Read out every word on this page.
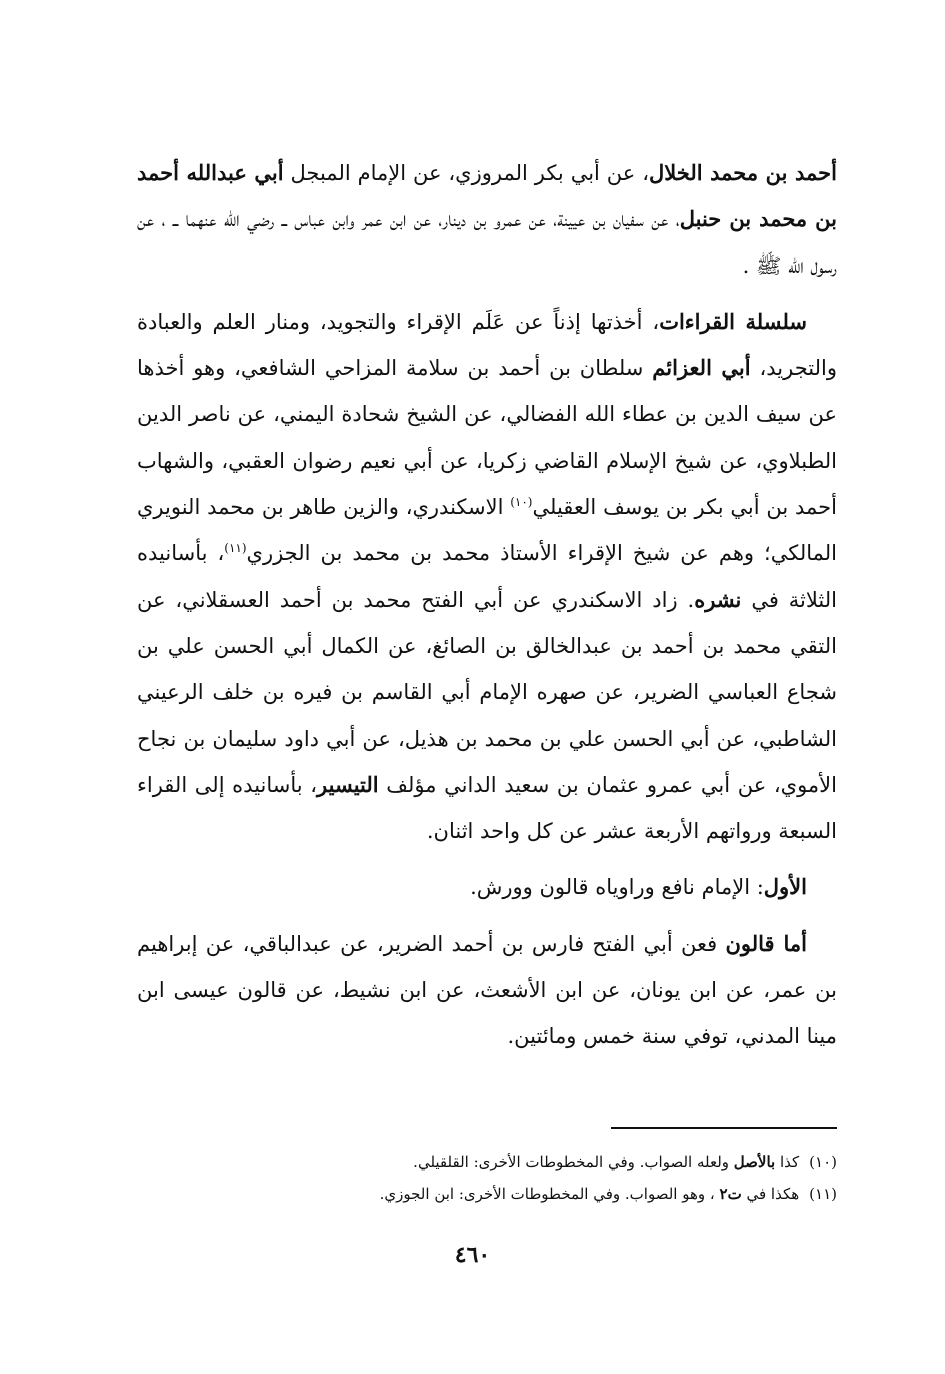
أحمد بن محمد الخلال، عن أبي بكر المروزي، عن الإمام المبجل أبي عبدالله أحمد بن محمد بن حنبل، عن سفيان بن عيينة، عن عمرو بن دينار، عن ابن عمر وابن عباس ــ رضي الله عنهما ــ ، عن رسول الله ﷺ .

سلسلة القراءات، أخذتها إذناً عن عَلَم الإقراء والتجويد، ومنار العلم والعبادة والتجريد، أبي العزائم سلطان بن أحمد بن سلامة المزاحي الشافعي، وهو أخذها عن سيف الدين بن عطاء الله الفضالي، عن الشيخ شحادة اليمني، عن ناصر الدين الطبلاوي، عن شيخ الإسلام القاضي زكريا، عن أبي نعيم رضوان العقبي، والشهاب أحمد بن أبي بكر بن يوسف العقيلي$^{(١٠)}$ الاسكندري، والزين طاهر بن محمد النويري المالكي؛ وهم عن شيخ الإقراء الأستاذ محمد بن محمد بن الجزري$^{(١١)}$، بأسانيده الثلاثة في نشره. زاد الاسكندري عن أبي الفتح محمد بن أحمد العسقلاني، عن التقي محمد بن أحمد بن عبدالخالق بن الصائغ، عن الكمال أبي الحسن علي بن شجاع العباسي الضرير، عن صهره الإمام أبي القاسم بن فيره بن خلف الرعيني الشاطبي، عن أبي الحسن علي بن محمد بن هذيل، عن أبي داود سليمان بن نجاح الأموي، عن أبي عمرو عثمان بن سعيد الداني مؤلف التيسير، بأسانيده إلى القراء السبعة ورواتهم الأربعة عشر عن كل واحد اثنان.

الأول: الإمام نافع وراوياه قالون وورش.

أما قالون فعن أبي الفتح فارس بن أحمد الضرير، عن عبدالباقي، عن إبراهيم بن عمر، عن ابن يونان، عن ابن الأشعث، عن ابن نشيط، عن قالون عيسى ابن مينا المدني، توفي سنة خمس ومائتين.

(١٠)كذا بالأصل ولعله الصواب. وفي المخطوطات الأخرى: القلقيلي.

(١١)هكذا في ت٢ ، وهو الصواب. وفي المخطوطات الأخرى: ابن الجوزي.

٤٦٠
